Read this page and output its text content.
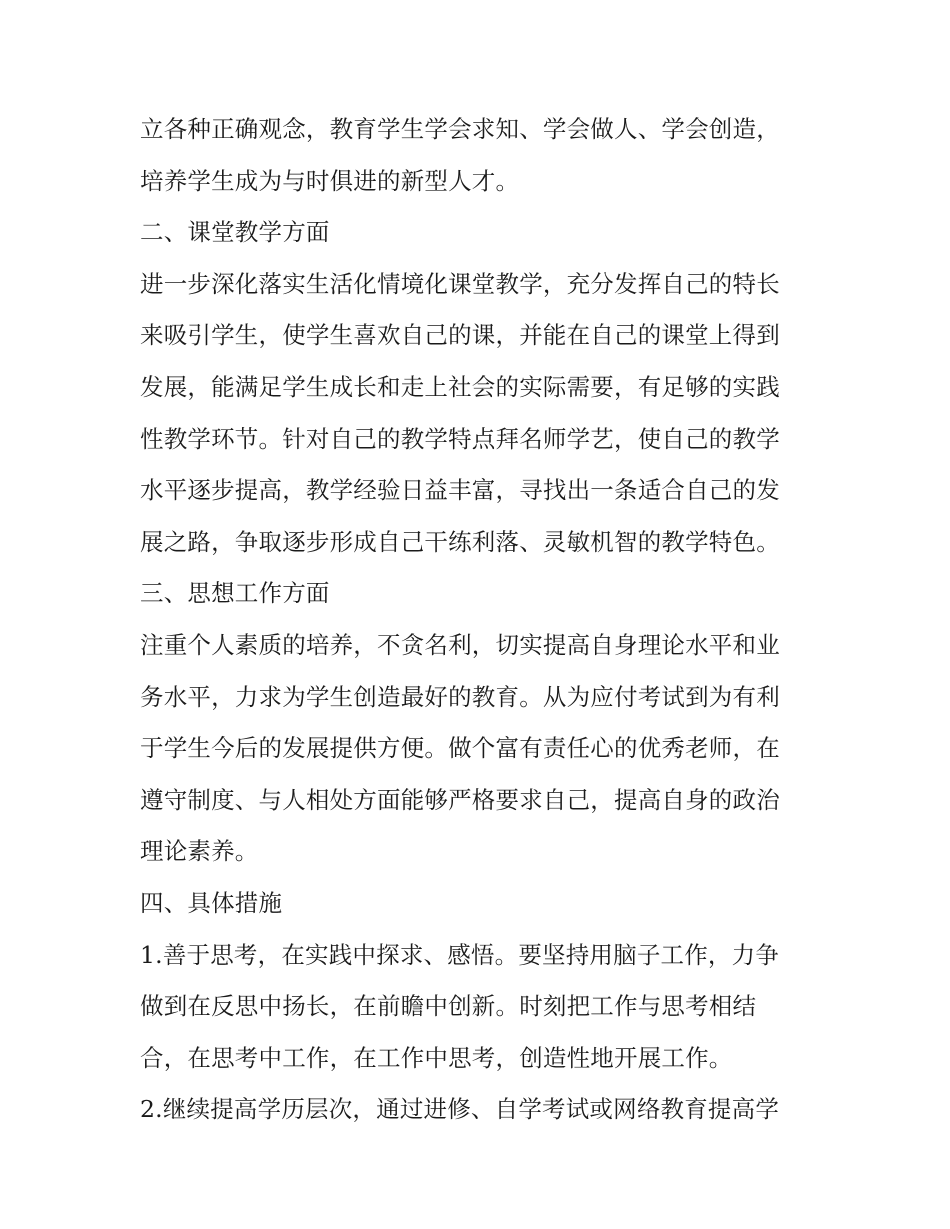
立各种正确观念，教育学生学会求知、学会做人、学会创造，
培养学生成为与时俱进的新型人才。
二、课堂教学方面
进一步深化落实生活化情境化课堂教学，充分发挥自己的特长
来吸引学生，使学生喜欢自己的课，并能在自己的课堂上得到
发展，能满足学生成长和走上社会的实际需要，有足够的实践
性教学环节。针对自己的教学特点拜名师学艺，使自己的教学
水平逐步提高，教学经验日益丰富，寻找出一条适合自己的发
展之路，争取逐步形成自己干练利落、灵敏机智的教学特色。
三、思想工作方面
注重个人素质的培养，不贪名利，切实提高自身理论水平和业
务水平，力求为学生创造最好的教育。从为应付考试到为有利
于学生今后的发展提供方便。做个富有责任心的优秀老师，在
遵守制度、与人相处方面能够严格要求自己，提高自身的政治
理论素养。
四、具体措施
1.善于思考，在实践中探求、感悟。要坚持用脑子工作，力争
做到在反思中扬长，在前瞻中创新。时刻把工作与思考相结
合，在思考中工作，在工作中思考，创造性地开展工作。
2.继续提高学历层次，通过进修、自学考试或网络教育提高学
